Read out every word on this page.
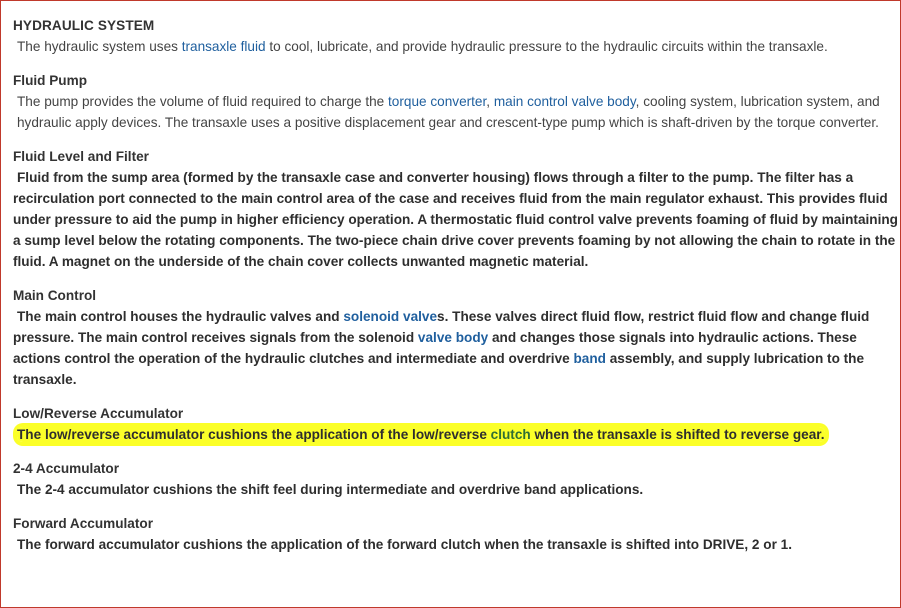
HYDRAULIC SYSTEM

The hydraulic system uses transaxle fluid to cool, lubricate, and provide hydraulic pressure to the hydraulic circuits within the transaxle.

Fluid Pump

The pump provides the volume of fluid required to charge the torque converter, main control valve body, cooling system, lubrication system, and hydraulic apply devices. The transaxle uses a positive displacement gear and crescent-type pump which is shaft-driven by the torque converter.

Fluid Level and Filter

Fluid from the sump area (formed by the transaxle case and converter housing) flows through a filter to the pump. The filter has a recirculation port connected to the main control area of the case and receives fluid from the main regulator exhaust. This provides fluid under pressure to aid the pump in higher efficiency operation. A thermostatic fluid control valve prevents foaming of fluid by maintaining a sump level below the rotating components. The two-piece chain drive cover prevents foaming by not allowing the chain to rotate in the fluid. A magnet on the underside of the chain cover collects unwanted magnetic material.

Main Control

The main control houses the hydraulic valves and solenoid valves. These valves direct fluid flow, restrict fluid flow and change fluid pressure. The main control receives signals from the solenoid valve body and changes those signals into hydraulic actions. These actions control the operation of the hydraulic clutches and intermediate and overdrive band assembly, and supply lubrication to the transaxle.

Low/Reverse Accumulator

The low/reverse accumulator cushions the application of the low/reverse clutch when the transaxle is shifted to reverse gear.

2-4 Accumulator

The 2-4 accumulator cushions the shift feel during intermediate and overdrive band applications.

Forward Accumulator

The forward accumulator cushions the application of the forward clutch when the transaxle is shifted into DRIVE, 2 or 1.
